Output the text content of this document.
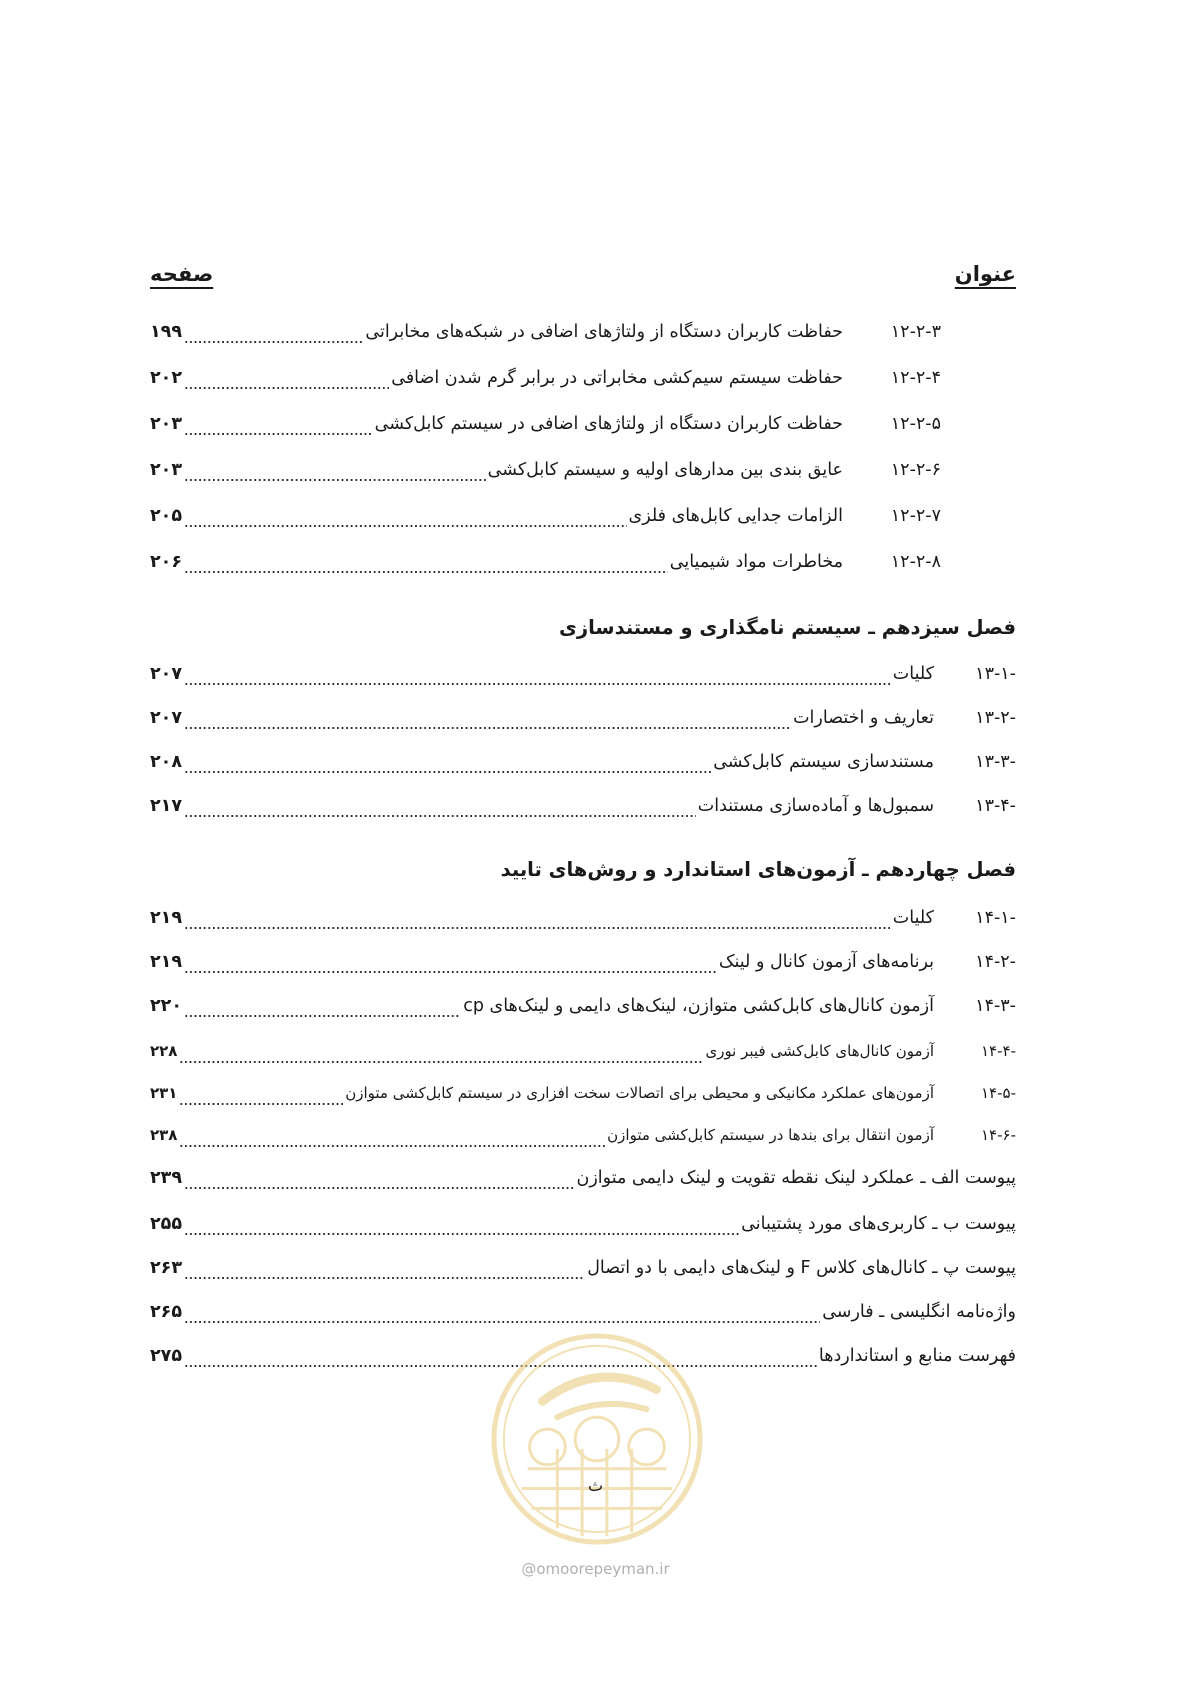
عنوان
صفحه
۱۲-۲-۳
حفاظت کاربران دستگاه از ولتاژهای اضافی در شبکه‌های مخابراتی
۱۹۹
۱۲-۲-۴
حفاظت سیستم سیم‌کشی مخابراتی در برابر گرم شدن اضافی
۲۰۲
۱۲-۲-۵
حفاظت کاربران دستگاه از ولتاژهای اضافی در سیستم کابل‌کشی
۲۰۳
۱۲-۲-۶
عایق بندی بین مدارهای اولیه و سیستم کابل‌کشی
۲۰۳
۱۲-۲-۷
الزامات جدایی کابل‌های فلزی
۲۰۵
۱۲-۲-۸
مخاطرات مواد شیمیایی
۲۰۶
فصل سیزدهم ـ سیستم نامگذاری و مستندسازی
۱۳-۱-
کلیات
۲۰۷
۱۳-۲-
تعاریف و اختصارات
۲۰۷
۱۳-۳-
مستندسازی سیستم کابل‌کشی
۲۰۸
۱۳-۴-
سمبول‌ها و آماده‌سازی مستندات
۲۱۷
فصل چهاردهم ـ آزمون‌های استاندارد و روش‌های تایید
۱۴-۱-
کلیات
۲۱۹
۱۴-۲-
برنامه‌های آزمون کانال و لینک
۲۱۹
۱۴-۳-
آزمون کانال‌های کابل‌کشی متوازن، لینک‌های دایمی و لینک‌های cp
۲۲۰
۱۴-۴-
آزمون کانال‌های کابل‌کشی فیبر نوری
۲۲۸
۱۴-۵-
آزمون‌های عملکرد مکانیکی و محیطی برای اتصالات سخت افزاری در سیستم کابل‌کشی متوازن
۲۳۱
۱۴-۶-
آزمون انتقال برای بندها در سیستم کابل‌کشی متوازن
۲۳۸
پیوست الف ـ عملکرد لینک نقطه تقویت و لینک دایمی متوازن
۲۳۹
پیوست ب ـ کاربری‌های مورد پشتیبانی
۲۵۵
پیوست پ ـ کانال‌های کلاس F و لینک‌های دایمی با دو اتصال
۲۶۳
واژه‌نامه انگلیسی ـ فارسی
۲۶۵
فهرست منابع و استانداردها
۲۷۵
ث
@omoorepeyman.ir
